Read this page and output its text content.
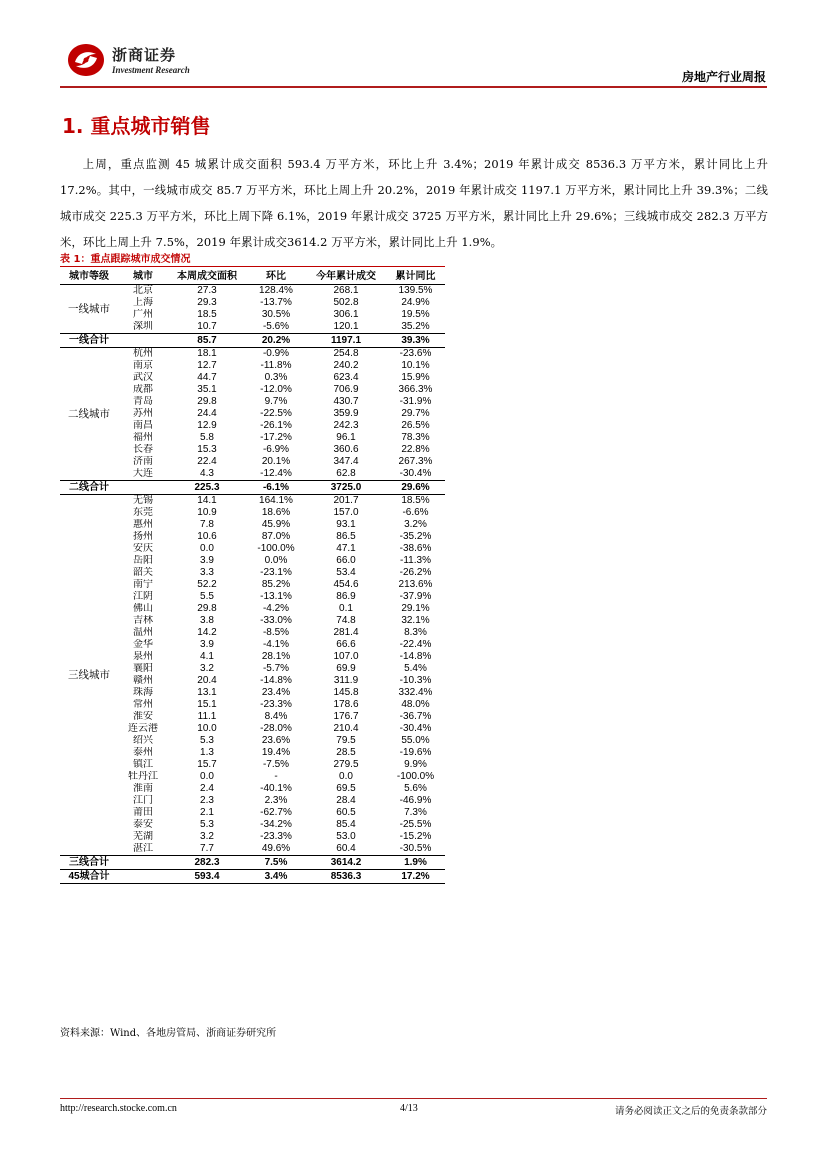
浙商证券
Investment Research	房地产行业周报
1. 重点城市销售

上周，重点监测 45 城累计成交面积 593.4 万平方米，环比上升 3.4%；2019 年累计成交 8536.3 万平方米，累计同比上升 17.2%。其中，一线城市成交 85.7 万平方米，环比上周上升 20.2%，2019 年累计成交 1197.1 万平方米，累计同比上升 39.3%；二线城市成交 225.3 万平方米，环比上周下降 6.1%，2019 年累计成交 3725 万平方米，累计同比上升 29.6%；三线城市成交 282.3 万平方米，环比上周上升 7.5%，2019 年累计成交3614.2 万平方米，累计同比上升 1.9%。

表 1：重点跟踪城市成交情况
城市等级	城市	本周成交面积	环比	今年累计成交	累计同比
一线城市	北京	27.3	128.4%	268.1	139.5%
	上海	29.3	-13.7%	502.8	24.9%
	广州	18.5	30.5%	306.1	19.5%
	深圳	10.7	-5.6%	120.1	35.2%
一线合计		85.7	20.2%	1197.1	39.3%
二线城市	杭州	18.1	-0.9%	254.8	-23.6%
	南京	12.7	-11.8%	240.2	10.1%
	武汉	44.7	0.3%	623.4	15.9%
	成都	35.1	-12.0%	706.9	366.3%
	青岛	29.8	9.7%	430.7	-31.9%
	苏州	24.4	-22.5%	359.9	29.7%
	南昌	12.9	-26.1%	242.3	26.5%
	福州	5.8	-17.2%	96.1	78.3%
	长春	15.3	-6.9%	360.6	22.8%
	济南	22.4	20.1%	347.4	267.3%
	大连	4.3	-12.4%	62.8	-30.4%
二线合计		225.3	-6.1%	3725.0	29.6%
三线城市	无锡	14.1	164.1%	201.7	18.5%
	东莞	10.9	18.6%	157.0	-6.6%
	惠州	7.8	45.9%	93.1	3.2%
	扬州	10.6	87.0%	86.5	-35.2%
	安庆	0.0	-100.0%	47.1	-38.6%
	岳阳	3.9	0.0%	66.0	-11.3%
	韶关	3.3	-23.1%	53.4	-26.2%
	南宁	52.2	85.2%	454.6	213.6%
	江阴	5.5	-13.1%	86.9	-37.9%
	佛山	29.8	-4.2%	0.1	29.1%
	吉林	3.8	-33.0%	74.8	32.1%
	温州	14.2	-8.5%	281.4	8.3%
	金华	3.9	-4.1%	66.6	-22.4%
	泉州	4.1	28.1%	107.0	-14.8%
	襄阳	3.2	-5.7%	69.9	5.4%
	赣州	20.4	-14.8%	311.9	-10.3%
	珠海	13.1	23.4%	145.8	332.4%
	常州	15.1	-23.3%	178.6	48.0%
	淮安	11.1	8.4%	176.7	-36.7%
	连云港	10.0	-28.0%	210.4	-30.4%
	绍兴	5.3	23.6%	79.5	55.0%
	泰州	1.3	19.4%	28.5	-19.6%
	镇江	15.7	-7.5%	279.5	9.9%
	牡丹江	0.0	-	0.0	-100.0%
	淮南	2.4	-40.1%	69.5	5.6%
	江门	2.3	2.3%	28.4	-46.9%
	莆田	2.1	-62.7%	60.5	7.3%
	泰安	5.3	-34.2%	85.4	-25.5%
	芜湖	3.2	-23.3%	53.0	-15.2%
	湛江	7.7	49.6%	60.4	-30.5%
三线合计		282.3	7.5%	3614.2	1.9%
45城合计		593.4	3.4%	8536.3	17.2%
资料来源：Wind、各地房管局、浙商证券研究所
http://research.stocke.com.cn	4/13	请务必阅读正文之后的免责条款部分
